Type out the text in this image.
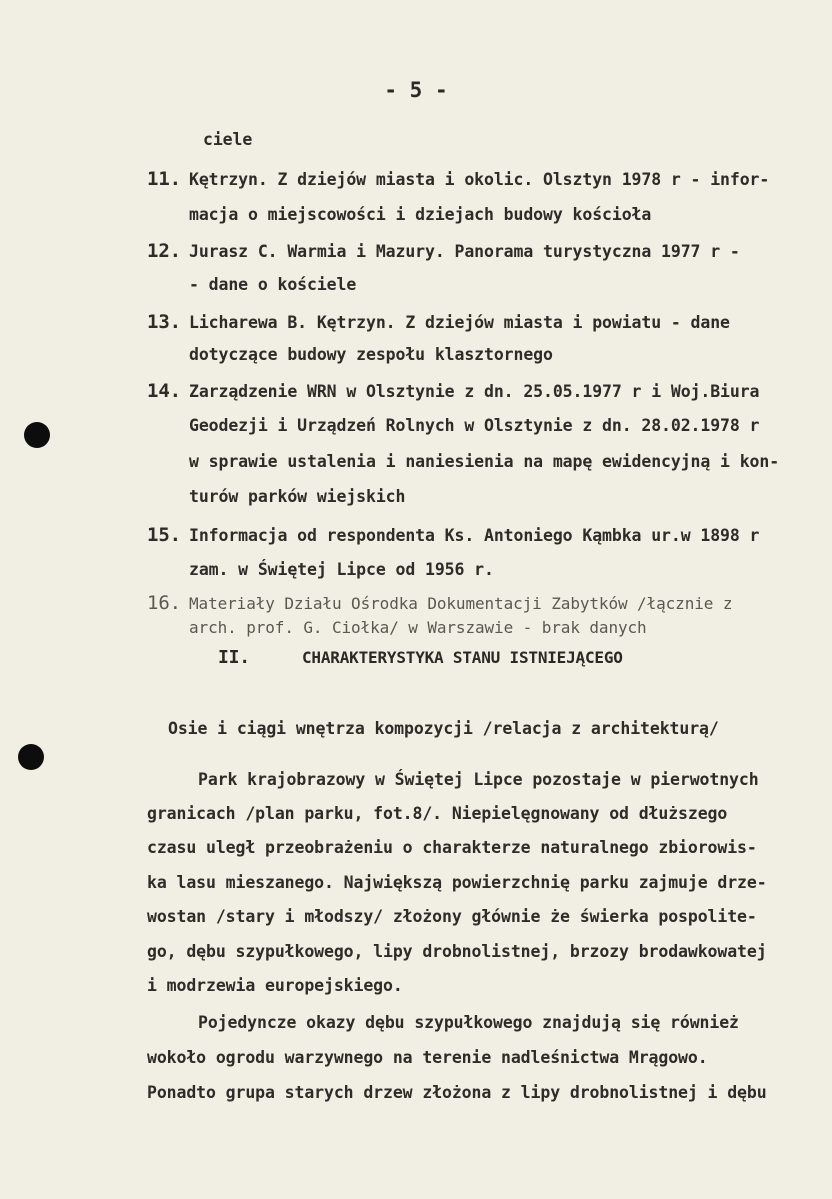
- 5 -
ciele
11. Kętrzyn. Z dziejów miasta i okolic. Olsztyn 1978 r - infor-
macja o miejscowości i dziejach budowy kościoła
12. Jurasz C. Warmia i Mazury. Panorama turystyczna 1977 r -
- dane o kościele
13. Licharewa B. Kętrzyn. Z dziejów miasta i powiatu - dane
dotyczące budowy zespołu klasztornego
14. Zarządzenie WRN w Olsztynie z dn. 25.05.1977 r i Woj.Biura
Geodezji i Urządzeń Rolnych w Olsztynie z dn. 28.02.1978 r
w sprawie ustalenia i naniesienia na mapę ewidencyjną i kon-
turów parków wiejskich
15. Informacja od respondenta Ks. Antoniego Kąmbka ur.w 1898 r
zam. w Świętej Lipce od 1956 r.
16. Materiały Działu Ośrodka Dokumentacji Zabytków /łącznie z
arch. prof. G. Ciołka/ w Warszawie - brak danych
II.	CHARAKTERYSTYKA STANU ISTNIEJĄCEGO
Osie i ciągi wnętrza kompozycji /relacja z architekturą/
Park krajobrazowy w Świętej Lipce pozostaje w pierwotnych
granicach /plan parku, fot.8/. Niepielęgnowany od dłuższego
czasu uległ przeobrażeniu o charakterze naturalnego zbiorowis-
ka lasu mieszanego. Największą powierzchnię parku zajmuje drze-
wostan /stary i młodszy/ złożony głównie że świerka pospolite-
go, dębu szypułkowego, lipy drobnolistnej, brzozy brodawkowatej
i modrzewia europejskiego.
Pojedyncze okazy dębu szypułkowego znajdują się również
wokoło ogrodu warzywnego na terenie nadleśnictwa Mrągowo.
Ponadto grupa starych drzew złożona z lipy drobnolistnej i dębu
